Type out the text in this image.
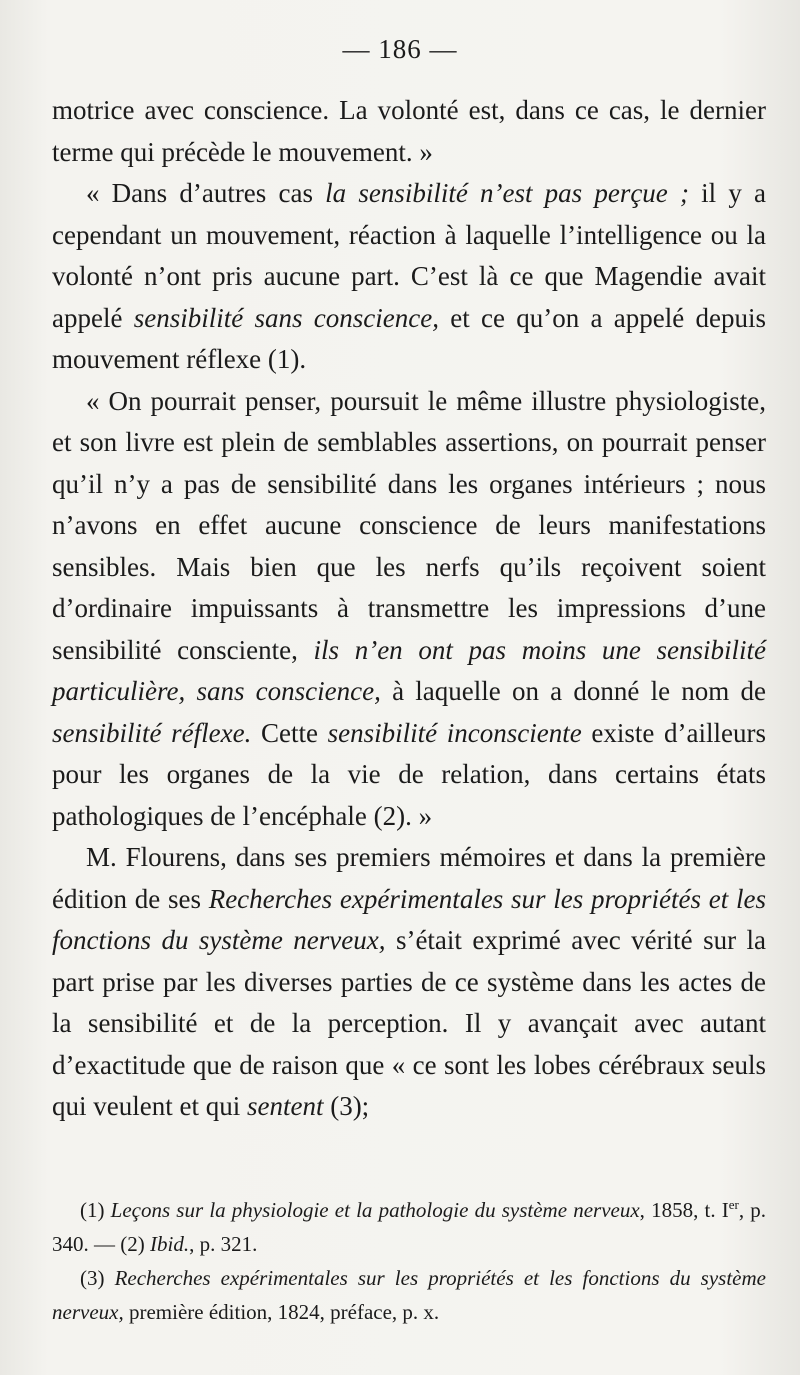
— 186 —

motrice avec conscience. La volonté est, dans ce cas, le dernier terme qui précède le mouvement. »

« Dans d’autres cas la sensibilité n’est pas perçue ; il y a cependant un mouvement, réaction à laquelle l’intelligence ou la volonté n’ont pris aucune part. C’est là ce que Magendie avait appelé sensibilité sans conscience, et ce qu’on a appelé depuis mouvement réflexe (1).

« On pourrait penser, poursuit le même illustre physiologiste, et son livre est plein de semblables assertions, on pourrait penser qu’il n’y a pas de sensibilité dans les organes intérieurs ; nous n’avons en effet aucune conscience de leurs manifestations sensibles. Mais bien que les nerfs qu’ils reçoivent soient d’ordinaire impuissants à transmettre les impressions d’une sensibilité consciente, ils n’en ont pas moins une sensibilité particulière, sans conscience, à laquelle on a donné le nom de sensibilité réflexe. Cette sensibilité inconsciente existe d’ailleurs pour les organes de la vie de relation, dans certains états pathologiques de l’encéphale (2). »

M. Flourens, dans ses premiers mémoires et dans la première édition de ses Recherches expérimentales sur les propriétés et les fonctions du système nerveux, s’était exprimé avec vérité sur la part prise par les diverses parties de ce système dans les actes de la sensibilité et de la perception. Il y avançait avec autant d’exactitude que de raison que « ce sont les lobes cérébraux seuls qui veulent et qui sentent (3);

(1) Leçons sur la physiologie et la pathologie du système nerveux, 1858, t. Ier, p. 340. — (2) Ibid., p. 321.

(3) Recherches expérimentales sur les propriétés et les fonctions du système nerveux, première édition, 1824, préface, p. x.
